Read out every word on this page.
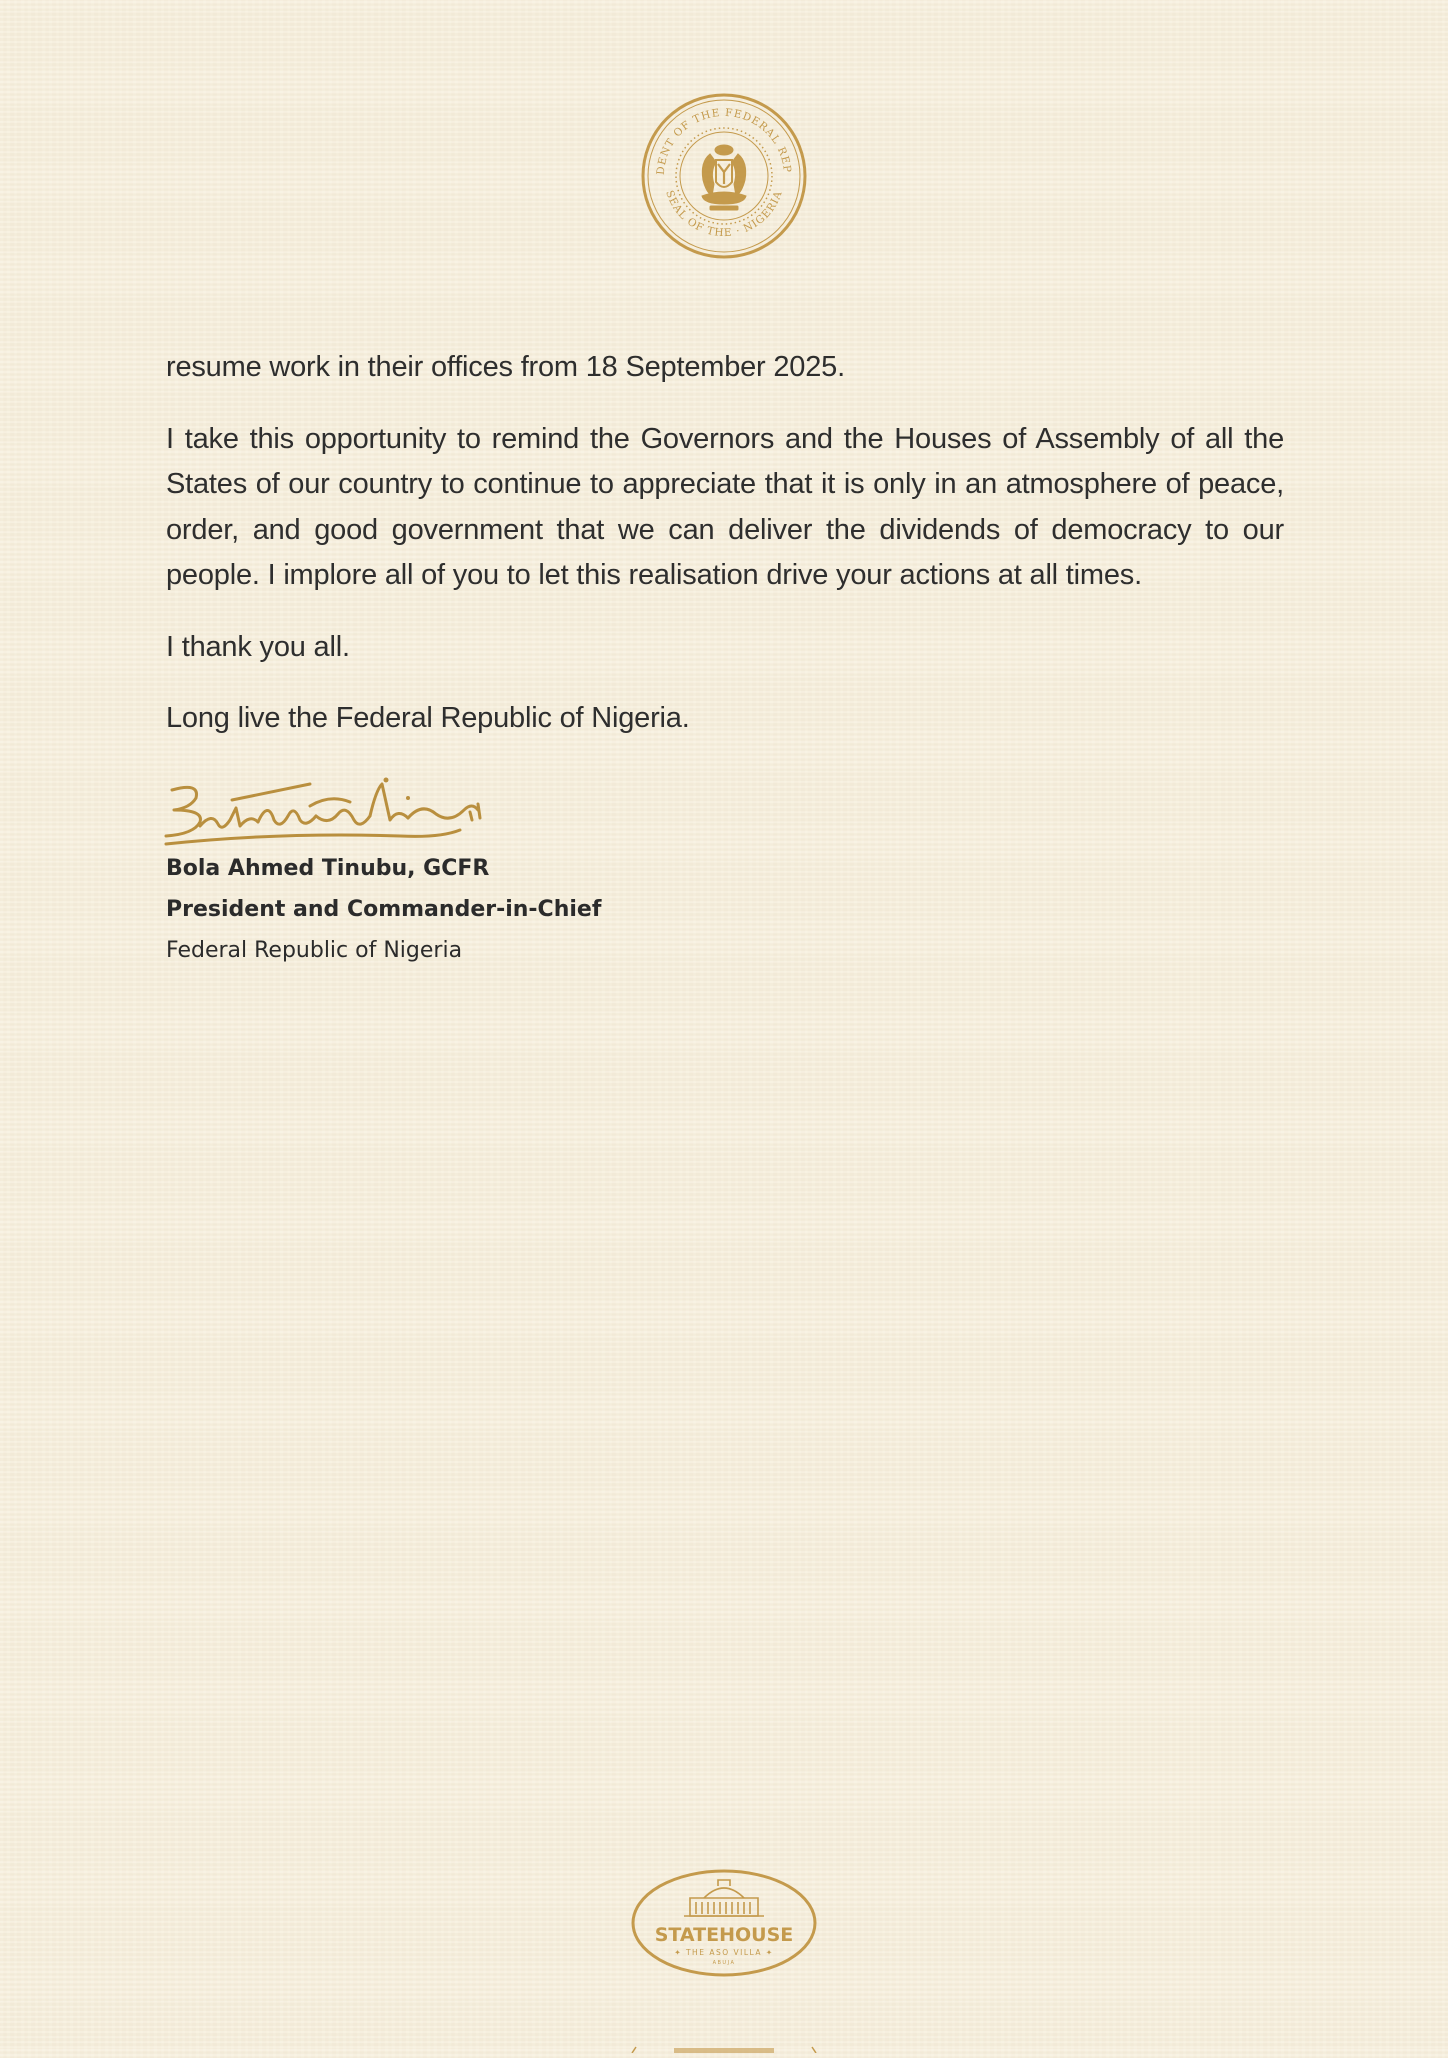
DENT OF THE FEDERAL REP
SEAL OF THE · NIGERIA

resume work in their offices from 18 September 2025.

I take this opportunity to remind the Governors and the Houses of Assembly of all the States of our country to continue to appreciate that it is only in an atmosphere of peace, order, and good government that we can deliver the dividends of democracy to our people. I implore all of you to let this realisation drive your actions at all times.

I thank you all.

Long live the Federal Republic of Nigeria.

Bola Ahmed Tinubu, GCFR

President and Commander-in-Chief

Federal Republic of Nigeria

STATEHOUSE
✦ THE ASO VILLA ✦
ABUJA
